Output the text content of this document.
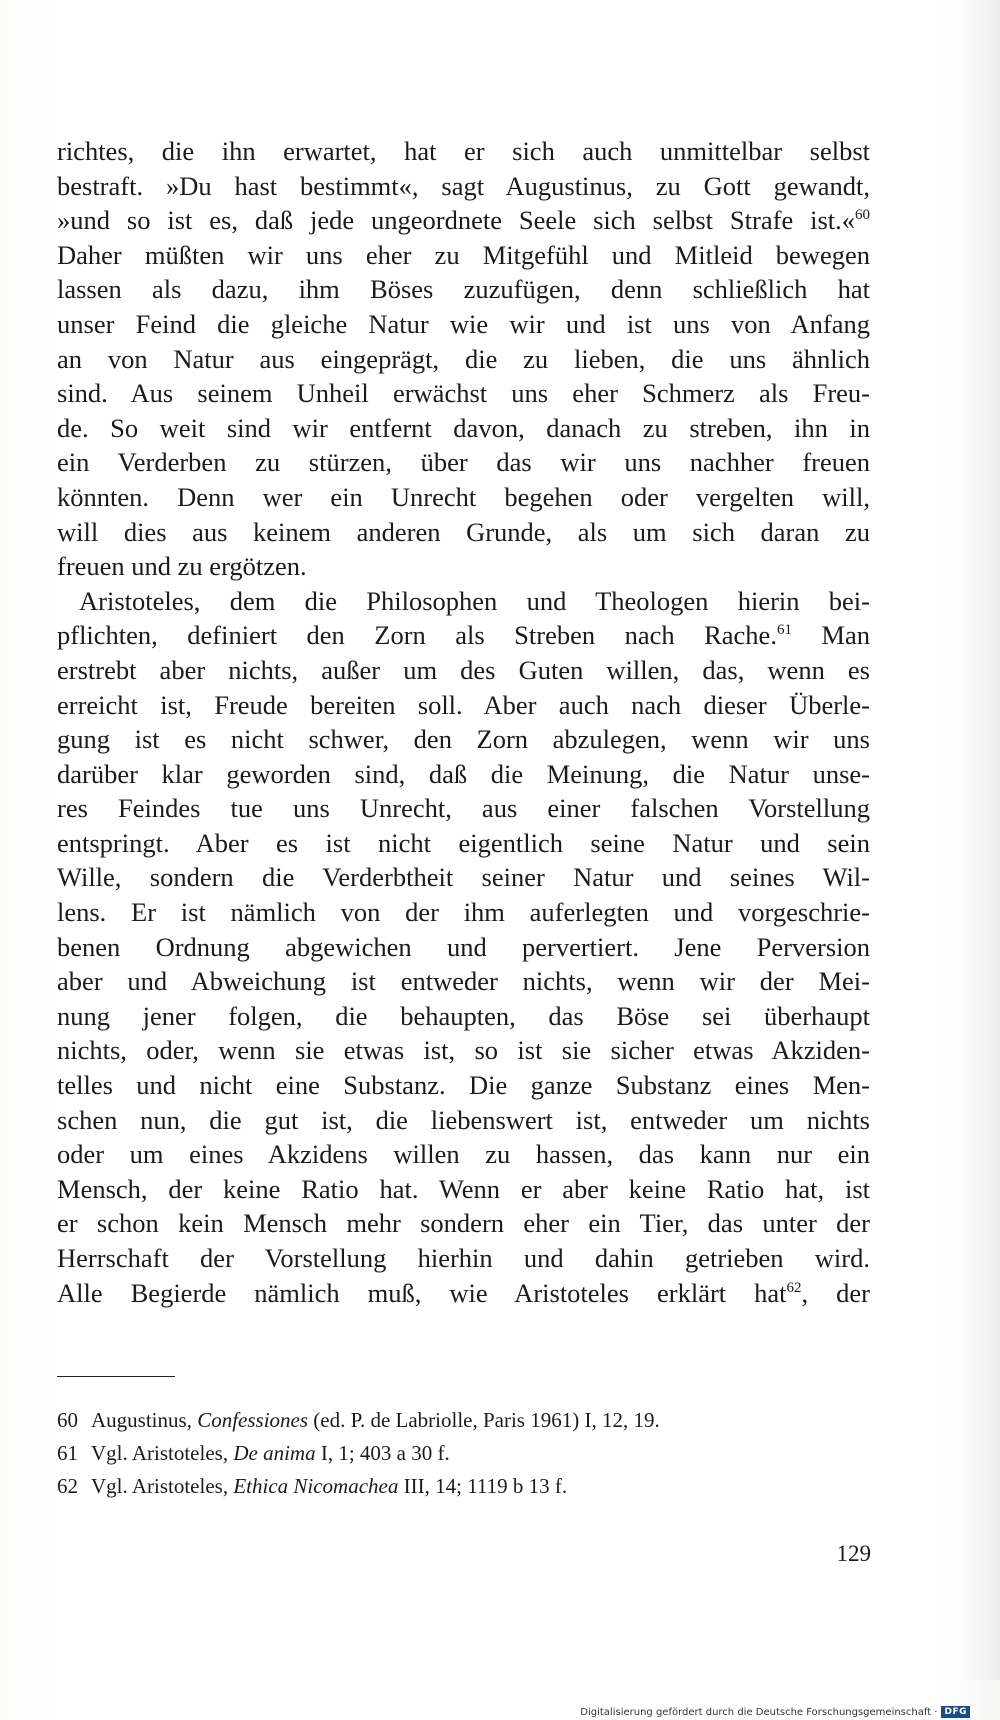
richtes, die ihn erwartet, hat er sich auch unmittelbar selbst
bestraft. »Du hast bestimmt«, sagt Augustinus, zu Gott gewandt,
»und so ist es, daß jede ungeordnete Seele sich selbst Strafe ist.«$^{60}$
Daher müßten wir uns eher zu Mitgefühl und Mitleid bewegen
lassen als dazu, ihm Böses zuzufügen, denn schließlich hat
unser Feind die gleiche Natur wie wir und ist uns von Anfang
an von Natur aus eingeprägt, die zu lieben, die uns ähnlich
sind. Aus seinem Unheil erwächst uns eher Schmerz als Freu-
de. So weit sind wir entfernt davon, danach zu streben, ihn in
ein Verderben zu stürzen, über das wir uns nachher freuen
könnten. Denn wer ein Unrecht begehen oder vergelten will,
will dies aus keinem anderen Grunde, als um sich daran zu
freuen und zu ergötzen.
Aristoteles, dem die Philosophen und Theologen hierin bei-
pflichten, definiert den Zorn als Streben nach Rache.$^{61}$ Man
erstrebt aber nichts, außer um des Guten willen, das, wenn es
erreicht ist, Freude bereiten soll. Aber auch nach dieser Überle-
gung ist es nicht schwer, den Zorn abzulegen, wenn wir uns
darüber klar geworden sind, daß die Meinung, die Natur unse-
res Feindes tue uns Unrecht, aus einer falschen Vorstellung
entspringt. Aber es ist nicht eigentlich seine Natur und sein
Wille, sondern die Verderbtheit seiner Natur und seines Wil-
lens. Er ist nämlich von der ihm auferlegten und vorgeschrie-
benen Ordnung abgewichen und pervertiert. Jene Perversion
aber und Abweichung ist entweder nichts, wenn wir der Mei-
nung jener folgen, die behaupten, das Böse sei überhaupt
nichts, oder, wenn sie etwas ist, so ist sie sicher etwas Akziden-
telles und nicht eine Substanz. Die ganze Substanz eines Men-
schen nun, die gut ist, die liebenswert ist, entweder um nichts
oder um eines Akzidens willen zu hassen, das kann nur ein
Mensch, der keine Ratio hat. Wenn er aber keine Ratio hat, ist
er schon kein Mensch mehr sondern eher ein Tier, das unter der
Herrschaft der Vorstellung hierhin und dahin getrieben wird.
Alle Begierde nämlich muß, wie Aristoteles erklärt hat$^{62}$, der
60 Augustinus, Confessiones (ed. P. de Labriolle, Paris 1961) I, 12, 19.
61 Vgl. Aristoteles, De anima I, 1; 403 a 30 f.
62 Vgl. Aristoteles, Ethica Nicomachea III, 14; 1119 b 13 f.
129
Digitalisierung gefördert durch die Deutsche Forschungsgemeinschaft · DFG
